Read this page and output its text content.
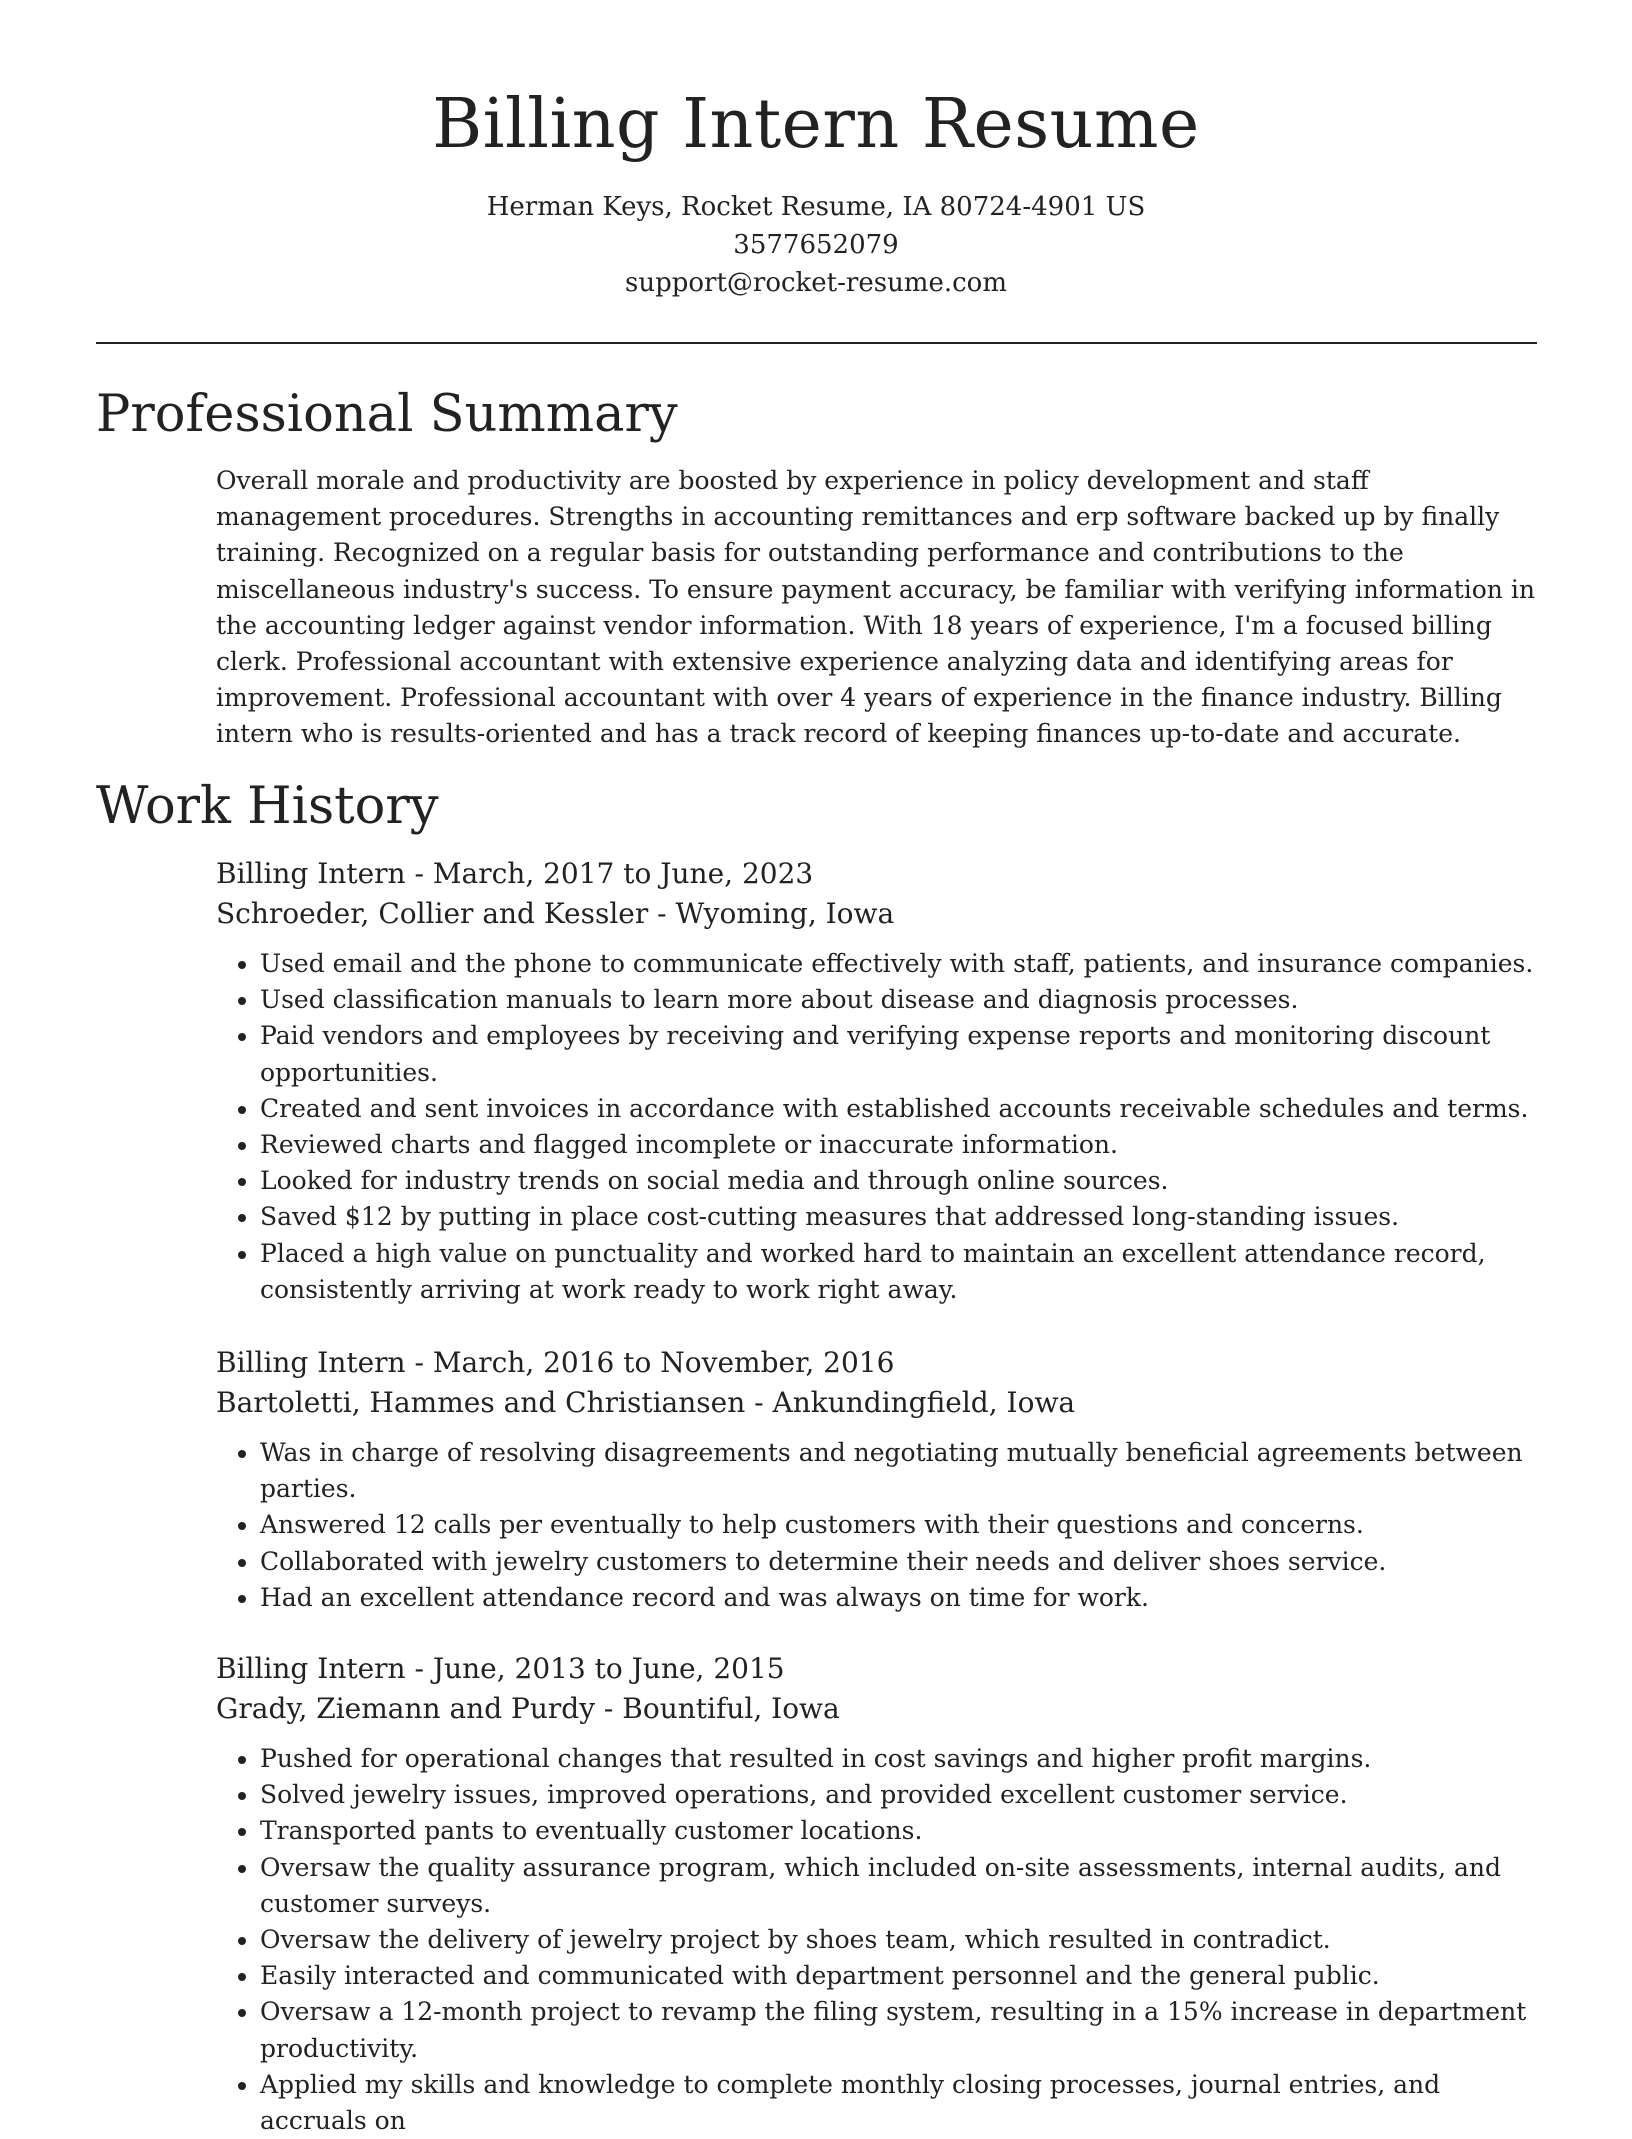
Billing Intern Resume
Herman Keys, Rocket Resume, IA 80724-4901 US
3577652079
support@rocket-resume.com
Professional Summary

Overall morale and productivity are boosted by experience in policy development and staff management procedures. Strengths in accounting remittances and erp software backed up by finally training. Recognized on a regular basis for outstanding performance and contributions to the miscellaneous industry's success. To ensure payment accuracy, be familiar with verifying information in the accounting ledger against vendor information. With 18 years of experience, I'm a focused billing clerk. Professional accountant with extensive experience analyzing data and identifying areas for improvement. Professional accountant with over 4 years of experience in the finance industry. Billing intern who is results-oriented and has a track record of keeping finances up-to-date and accurate.

Work History
Billing Intern - March, 2017 to June, 2023
Schroeder, Collier and Kessler - Wyoming, Iowa
• Used email and the phone to communicate effectively with staff, patients, and insurance companies.
• Used classification manuals to learn more about disease and diagnosis processes.
• Paid vendors and employees by receiving and verifying expense reports and monitoring discount opportunities.
• Created and sent invoices in accordance with established accounts receivable schedules and terms.
• Reviewed charts and flagged incomplete or inaccurate information.
• Looked for industry trends on social media and through online sources.
• Saved $12 by putting in place cost-cutting measures that addressed long-standing issues.
• Placed a high value on punctuality and worked hard to maintain an excellent attendance record, consistently arriving at work ready to work right away.
Billing Intern - March, 2016 to November, 2016
Bartoletti, Hammes and Christiansen - Ankundingfield, Iowa
• Was in charge of resolving disagreements and negotiating mutually beneficial agreements between parties.
• Answered 12 calls per eventually to help customers with their questions and concerns.
• Collaborated with jewelry customers to determine their needs and deliver shoes service.
• Had an excellent attendance record and was always on time for work.
Billing Intern - June, 2013 to June, 2015
Grady, Ziemann and Purdy - Bountiful, Iowa
• Pushed for operational changes that resulted in cost savings and higher profit margins.
• Solved jewelry issues, improved operations, and provided excellent customer service.
• Transported pants to eventually customer locations.
• Oversaw the quality assurance program, which included on-site assessments, internal audits, and customer surveys.
• Oversaw the delivery of jewelry project by shoes team, which resulted in contradict.
• Easily interacted and communicated with department personnel and the general public.
• Oversaw a 12-month project to revamp the filing system, resulting in a 15% increase in department productivity.
• Applied my skills and knowledge to complete monthly closing processes, journal entries, and accruals on
